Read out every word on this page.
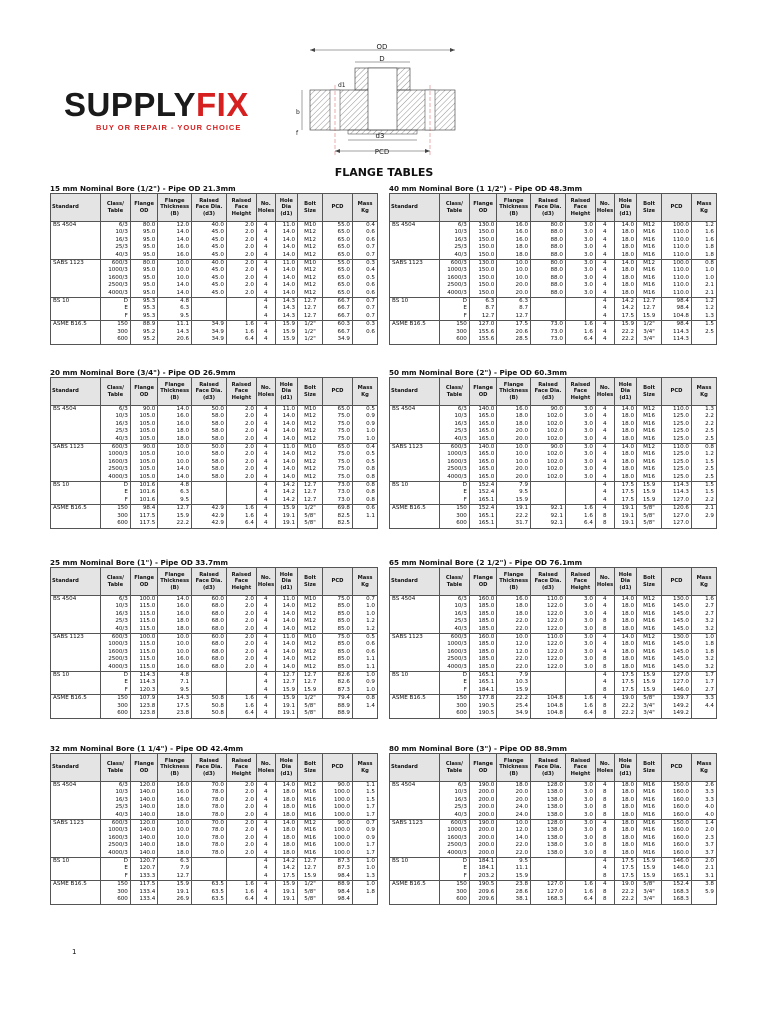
SUPPLYFIX
BUY OR REPAIR - YOUR CHOICE
OD
D
d1
b
f	d3
PCD
FLANGE TABLES
15 mm Nominal Bore (1/2") - Pipe OD 21.3mm
Standard	Class/ Table	Flange OD	Flange Thickness (B)	Raised Face Dia. (d3)	Raised Face Height	No. Holes	Hole Dia (d1)	Bolt Size	PCD	Mass Kg
BS 4504	6/3	80.0	12.0	40.0	2.0	4	11.0	M10	55.0	0.4
	10/3	95.0	14.0	45.0	2.0	4	14.0	M12	65.0	0.6
	16/3	95.0	14.0	45.0	2.0	4	14.0	M12	65.0	0.6
	25/3	95.0	16.0	45.0	2.0	4	14.0	M12	65.0	0.7
	40/3	95.0	16.0	45.0	2.0	4	14.0	M12	65.0	0.7
SABS 1123	600/3	80.0	10.0	40.0	2.0	4	11.0	M10	55.0	0.3
	1000/3	95.0	10.0	45.0	2.0	4	14.0	M12	65.0	0.4
	1600/3	95.0	10.0	45.0	2.0	4	14.0	M12	65.0	0.5
	2500/3	95.0	14.0	45.0	2.0	4	14.0	M12	65.0	0.6
	4000/3	95.0	14.0	45.0	2.0	4	14.0	M12	65.0	0.6
BS 10	D	95.3	4.8			4	14.3	12.7	66.7	0.7
	E	95.3	6.3			4	14.3	12.7	66.7	0.7
	F	95.3	9.5			4	14.3	12.7	66.7	0.7
ASME B16.5	150	88.9	11.1	34.9	1.6	4	15.9	1/2"	60.3	0.3
	300	95.2	14.3	34.9	1.6	4	15.9	1/2"	66.7	0.6
	600	95.2	20.6	34.9	6.4	4	15.9	1/2"	34.9	
40 mm Nominal Bore (1 1/2") - Pipe OD 48.3mm
Standard	Class/ Table	Flange OD	Flange Thickness (B)	Raised Face Dia. (d3)	Raised Face Height	No. Holes	Hole Dia (d1)	Bolt Size	PCD	Mass Kg
BS 4504	6/3	130.0	16.0	80.0	3.0	4	14.0	M12	100.0	1.2
	10/3	150.0	16.0	88.0	3.0	4	18.0	M16	110.0	1.6
	16/3	150.0	16.0	88.0	3.0	4	18.0	M16	110.0	1.6
	25/3	150.0	18.0	88.0	3.0	4	18.0	M16	110.0	1.8
	40/3	150.0	18.0	88.0	3.0	4	18.0	M16	110.0	1.8
SABS 1123	600/3	130.0	10.0	80.0	3.0	4	14.0	M12	100.0	0.8
	1000/3	150.0	10.0	88.0	3.0	4	18.0	M16	110.0	1.0
	1600/3	150.0	10.0	88.0	3.0	4	18.0	M16	110.0	1.0
	2500/3	150.0	20.0	88.0	3.0	4	18.0	M16	110.0	2.1
	4000/3	150.0	20.0	88.0	3.0	4	18.0	M16	110.0	2.1
BS 10	D	6.3	6.3			4	14.2	12.7	98.4	1.2
	E	8.7	8.7			4	14.2	12.7	98.4	1.2
	F	12.7	12.7			4	17.5	15.9	104.8	1.3
ASME B16.5	150	127.0	17.5	73.0	1.6	4	15.9	1/2"	98.4	1.5
	300	155.6	20.6	73.0	1.6	4	22.2	3/4"	114.3	2.5
	600	155.6	28.5	73.0	6.4	4	22.2	3/4"	114.3	
20 mm Nominal Bore (3/4") - Pipe OD 26.9mm
Standard	Class/ Table	Flange OD	Flange Thickness (B)	Raised Face Dia. (d3)	Raised Face Height	No. Holes	Hole Dia (d1)	Bolt Size	PCD	Mass Kg
BS 4504	6/3	90.0	14.0	50.0	2.0	4	11.0	M10	65.0	0.5
	10/3	105.0	16.0	58.0	2.0	4	14.0	M12	75.0	0.9
	16/3	105.0	16.0	58.0	2.0	4	14.0	M12	75.0	0.9
	25/3	105.0	18.0	58.0	2.0	4	14.0	M12	75.0	1.0
	40/3	105.0	18.0	58.0	2.0	4	14.0	M12	75.0	1.0
SABS 1123	600/3	90.0	10.0	50.0	2.0	4	11.0	M10	65.0	0.4
	1000/3	105.0	10.0	58.0	2.0	4	14.0	M12	75.0	0.5
	1600/3	105.0	10.0	58.0	2.0	4	14.0	M12	75.0	0.5
	2500/3	105.0	14.0	58.0	2.0	4	14.0	M12	75.0	0.8
	4000/3	105.0	14.0	58.0	2.0	4	14.0	M12	75.0	0.8
BS 10	D	101.6	4.8			4	14.2	12.7	73.0	0.8
	E	101.6	6.3			4	14.2	12.7	73.0	0.8
	F	101.6	9.5			4	14.2	12.7	73.0	0.8
ASME B16.5	150	98.4	12.7	42.9	1.6	4	15.9	1/2"	69.8	0.6
	300	117.5	15.9	42.9	1.6	4	19.1	5/8"	82.5	1.1
	600	117.5	22.2	42.9	6.4	4	19.1	5/8"	82.5	
50 mm Nominal Bore (2") - Pipe OD 60.3mm
Standard	Class/ Table	Flange OD	Flange Thickness (B)	Raised Face Dia. (d3)	Raised Face Height	No. Holes	Hole Dia (d1)	Bolt Size	PCD	Mass Kg
BS 4504	6/3	140.0	16.0	90.0	3.0	4	14.0	M12	110.0	1.3
	10/3	165.0	18.0	102.0	3.0	4	18.0	M16	125.0	2.2
	16/3	165.0	18.0	102.0	3.0	4	18.0	M16	125.0	2.2
	25/3	165.0	20.0	102.0	3.0	4	18.0	M16	125.0	2.5
	40/3	165.0	20.0	102.0	3.0	4	18.0	M16	125.0	2.5
SABS 1123	600/3	140.0	10.0	90.0	3.0	4	14.0	M12	110.0	0.8
	1000/3	165.0	10.0	102.0	3.0	4	18.0	M16	125.0	1.2
	1600/3	165.0	10.0	102.0	3.0	4	18.0	M16	125.0	1.5
	2500/3	165.0	20.0	102.0	3.0	4	18.0	M16	125.0	2.5
	4000/3	165.0	20.0	102.0	3.0	4	18.0	M16	125.0	2.5
BS 10	D	152.4	7.9			4	17.5	15.9	114.3	1.5
	E	152.4	9.5			4	17.5	15.9	114.3	1.5
	F	165.1	15.9			4	17.5	15.9	127.0	2.2
ASME B16.5	150	152.4	19.1	92.1	1.6	4	19.1	5/8"	120.6	2.1
	300	165.1	22.2	92.1	1.6	8	19.1	5/8"	127.0	2.9
	600	165.1	31.7	92.1	6.4	8	19.1	5/8"	127.0	
25 mm Nominal Bore (1") - Pipe OD 33.7mm
Standard	Class/ Table	Flange OD	Flange Thickness (B)	Raised Face Dia. (d3)	Raised Face Height	No. Holes	Hole Dia (d1)	Bolt Size	PCD	Mass Kg
BS 4504	6/3	100.0	14.0	60.0	2.0	4	11.0	M10	75.0	0.7
	10/3	115.0	16.0	68.0	2.0	4	14.0	M12	85.0	1.0
	16/3	115.0	16.0	68.0	2.0	4	14.0	M12	85.0	1.0
	25/3	115.0	18.0	68.0	2.0	4	14.0	M12	85.0	1.2
	40/3	115.0	18.0	68.0	2.0	4	14.0	M12	85.0	1.2
SABS 1123	600/3	100.0	10.0	60.0	2.0	4	11.0	M10	75.0	0.5
	1000/3	115.0	10.0	68.0	2.0	4	14.0	M12	85.0	0.6
	1600/3	115.0	10.0	68.0	2.0	4	14.0	M12	85.0	0.6
	2500/3	115.0	16.0	68.0	2.0	4	14.0	M12	85.0	1.1
	4000/3	115.0	16.0	68.0	2.0	4	14.0	M12	85.0	1.1
BS 10	D	114.3	4.8			4	12.7	12.7	82.6	1.0
	E	114.3	7.1			4	12.7	12.7	82.6	0.9
	F	120.3	9.5			4	15.9	15.9	87.3	1.0
ASME B16.5	150	107.9	14.3	50.8	1.6	4	15.9	1/2"	79.4	0.8
	300	123.8	17.5	50.8	1.6	4	19.1	5/8"	88.9	1.4
	600	123.8	23.8	50.8	6.4	4	19.1	5/8"	88.9	
65 mm Nominal Bore (2 1/2") - Pipe OD 76.1mm
Standard	Class/ Table	Flange OD	Flange Thickness (B)	Raised Face Dia. (d3)	Raised Face Height	No. Holes	Hole Dia (d1)	Bolt Size	PCD	Mass Kg
BS 4504	6/3	160.0	16.0	110.0	3.0	4	14.0	M12	130.0	1.6
	10/3	185.0	18.0	122.0	3.0	4	18.0	M16	145.0	2.7
	16/3	185.0	18.0	122.0	3.0	4	18.0	M16	145.0	2.7
	25/3	185.0	22.0	122.0	3.0	8	18.0	M16	145.0	3.2
	40/3	185.0	22.0	122.0	3.0	8	18.0	M16	145.0	3.2
SABS 1123	600/3	160.0	10.0	110.0	3.0	4	14.0	M12	130.0	1.0
	1000/3	185.0	12.0	122.0	3.0	4	18.0	M16	145.0	1.8
	1600/3	185.0	12.0	122.0	3.0	4	18.0	M16	145.0	1.8
	2500/3	185.0	22.0	122.0	3.0	8	18.0	M16	145.0	3.2
	4000/3	185.0	22.0	122.0	3.0	8	18.0	M16	145.0	3.2
BS 10	D	165.1	7.9			4	17.5	15.9	127.0	1.7
	E	165.1	10.3			4	17.5	15.9	127.0	1.7
	F	184.1	15.9			8	17.5	15.9	146.0	2.7
ASME B16.5	150	177.8	22.2	104.8	1.6	4	19.0	5/8"	139.7	3.3
	300	190.5	25.4	104.8	1.6	8	22.2	3/4"	149.2	4.4
	600	190.5	34.9	104.8	6.4	8	22.2	3/4"	149.2	
32 mm Nominal Bore (1 1/4") - Pipe OD 42.4mm
Standard	Class/ Table	Flange OD	Flange Thickness (B)	Raised Face Dia. (d3)	Raised Face Height	No. Holes	Hole Dia (d1)	Bolt Size	PCD	Mass Kg
BS 4504	6/3	120.0	16.0	70.0	2.0	4	14.0	M12	90.0	1.1
	10/3	140.0	16.0	78.0	2.0	4	18.0	M16	100.0	1.5
	16/3	140.0	16.0	78.0	2.0	4	18.0	M16	100.0	1.5
	25/3	140.0	18.0	78.0	2.0	4	18.0	M16	100.0	1.7
	40/3	140.0	18.0	78.0	2.0	4	18.0	M16	100.0	1.7
SABS 1123	600/3	120.0	10.0	70.0	2.0	4	14.0	M12	90.0	0.7
	1000/3	140.0	10.0	78.0	2.0	4	18.0	M16	100.0	0.9
	1600/3	140.0	10.0	78.0	2.0	4	18.0	M16	100.0	0.9
	2500/3	140.0	18.0	78.0	2.0	4	18.0	M16	100.0	1.7
	4000/3	140.0	18.0	78.0	2.0	4	18.0	M16	100.0	1.7
BS 10	D	120.7	6.3			4	14.2	12.7	87.3	1.0
	E	120.7	7.9			4	14.2	12.7	87.3	1.0
	F	133.3	12.7			4	17.5	15.9	98.4	1.3
ASME B16.5	150	117.5	15.9	63.5	1.6	4	15.9	1/2"	88.9	1.0
	300	133.4	19.1	63.5	1.6	4	19.1	5/8"	98.4	1.8
	600	133.4	26.9	63.5	6.4	4	19.1	5/8"	98.4	
80 mm Nominal Bore (3") - Pipe OD 88.9mm
Standard	Class/ Table	Flange OD	Flange Thickness (B)	Raised Face Dia. (d3)	Raised Face Height	No. Holes	Hole Dia (d1)	Bolt Size	PCD	Mass Kg
BS 4504	6/3	190.0	18.0	128.0	3.0	4	18.0	M16	150.0	2.6
	10/3	200.0	20.0	138.0	3.0	8	18.0	M16	160.0	3.3
	16/3	200.0	20.0	138.0	3.0	8	18.0	M16	160.0	3.3
	25/3	200.0	24.0	138.0	3.0	8	18.0	M16	160.0	4.0
	40/3	200.0	24.0	138.0	3.0	8	18.0	M16	160.0	4.0
SABS 1123	600/3	190.0	10.0	128.0	3.0	4	18.0	M16	150.0	1.4
	1000/3	200.0	12.0	138.0	3.0	8	18.0	M16	160.0	2.0
	1600/3	200.0	14.0	138.0	3.0	8	18.0	M16	160.0	2.3
	2500/3	200.0	22.0	138.0	3.0	8	18.0	M16	160.0	3.7
	4000/3	200.0	22.0	138.0	3.0	8	18.0	M16	160.0	3.7
BS 10	D	184.1	9.5			4	17.5	15.9	146.0	2.0
	E	184.1	11.1			4	17.5	15.9	146.0	2.1
	F	203.2	15.9			8	17.5	15.9	165.1	3.1
ASME B16.5	150	190.5	23.8	127.0	1.6	4	19.0	5/8"	152.4	3.8
	300	209.6	28.6	127.0	1.6	8	22.2	3/4"	168.3	5.9
	600	209.6	38.1	168.3	6.4	8	22.2	3/4"	168.3	
1
